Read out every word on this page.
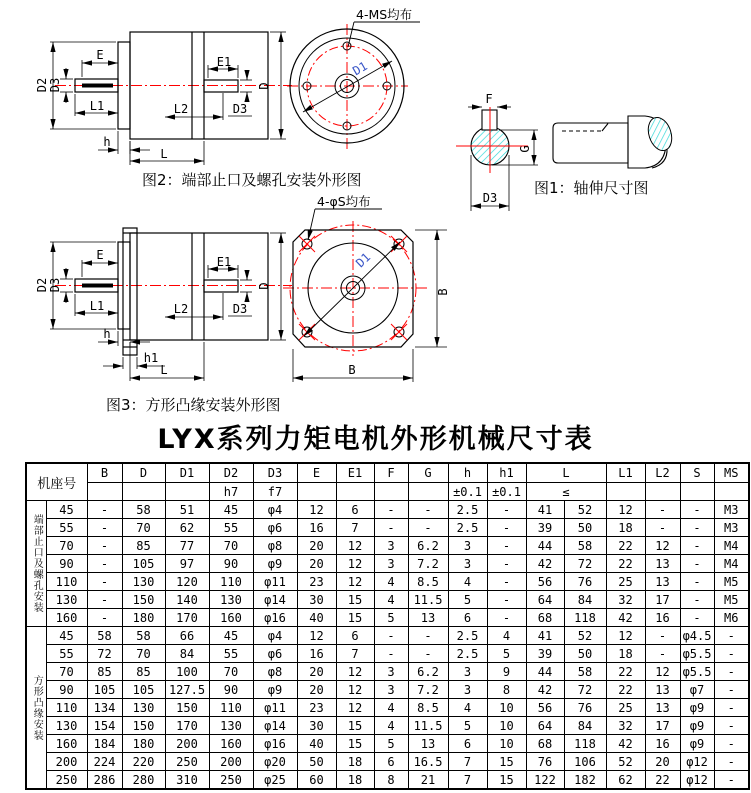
E
D3
D2
L1	L2
E1
D3
D
h
L
图2：端部止口及螺孔安装外形图
D1
4-MS均布
F
G
D3
图1：轴伸尺寸图
E
D3
D2
L1	L2
E1
D3
D
h
h1
L
图3：方形凸缘安装外形图
D1
B
B
4-φS均布
LYX系列力矩电机外形机械尺寸表
机座号		B	D	D1	D2	D3	E	E1	F	G	h	h1	L		L1	L2	S	MS
					h7	f7					±0.1	±0.1	≤					
端部止口及螺孔安装	45	-	58	51	45	φ4	12	6	-	-	2.5	-	41	52	12	-	-	M3
	55	-	70	62	55	φ6	16	7	-	-	2.5	-	39	50	18	-	-	M3
	70	-	85	77	70	φ8	20	12	3	6.2	3	-	44	58	22	12	-	M4
	90	-	105	97	90	φ9	20	12	3	7.2	3	-	42	72	22	13	-	M4
	110	-	130	120	110	φ11	23	12	4	8.5	4	-	56	76	25	13	-	M5
	130	-	150	140	130	φ14	30	15	4	11.5	5	-	64	84	32	17	-	M5
	160	-	180	170	160	φ16	40	15	5	13	6	-	68	118	42	16	-	M6
方形凸缘安装	45	58	58	66	45	φ4	12	6	-	-	2.5	4	41	52	12	-	φ4.5	-
	55	72	70	84	55	φ6	16	7	-	-	2.5	5	39	50	18	-	φ5.5	-
	70	85	85	100	70	φ8	20	12	3	6.2	3	9	44	58	22	12	φ5.5	-
	90	105	105	127.5	90	φ9	20	12	3	7.2	3	8	42	72	22	13	φ7	-
	110	134	130	150	110	φ11	23	12	4	8.5	4	10	56	76	25	13	φ9	-
	130	154	150	170	130	φ14	30	15	4	11.5	5	10	64	84	32	17	φ9	-
	160	184	180	200	160	φ16	40	15	5	13	6	10	68	118	42	16	φ9	-
	200	224	220	250	200	φ20	50	18	6	16.5	7	15	76	106	52	20	φ12	-
	250	286	280	310	250	φ25	60	18	8	21	7	15	122	182	62	22	φ12	-
